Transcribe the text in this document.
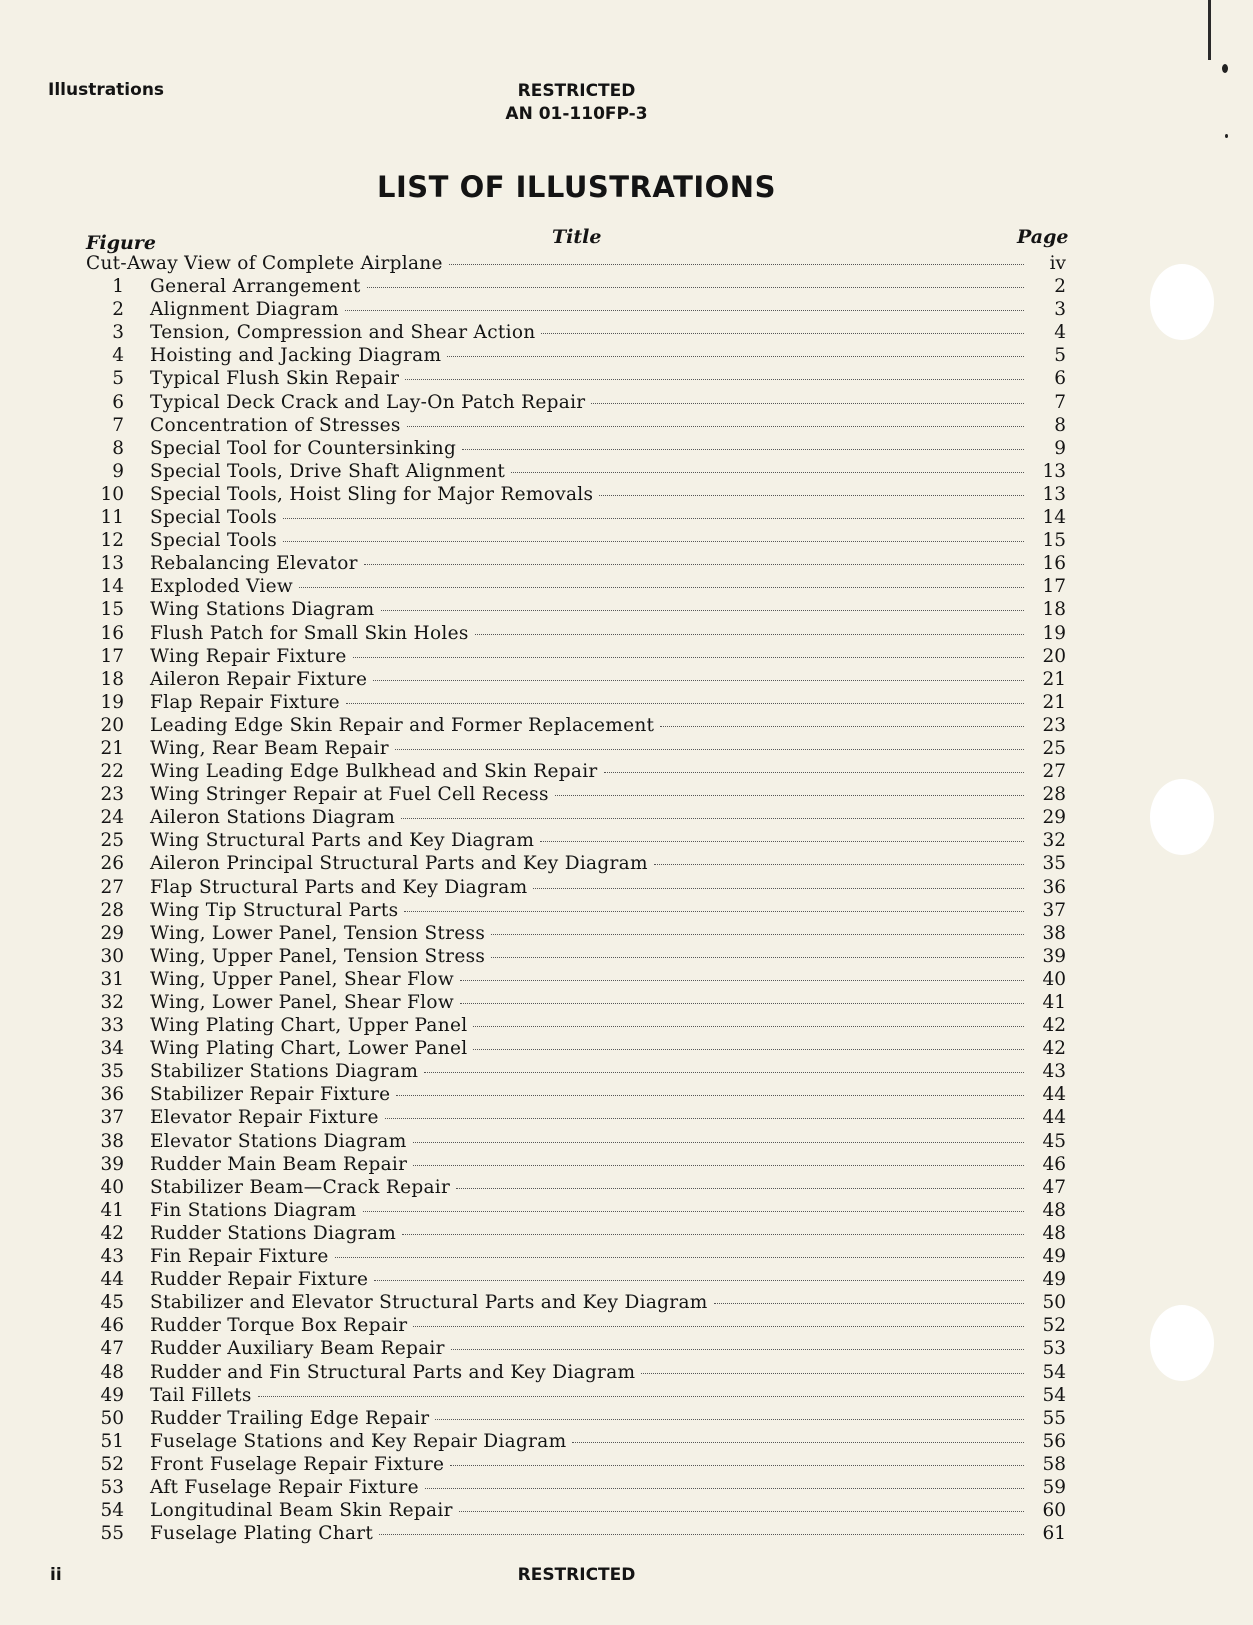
Illustrations	RESTRICTED
AN 01-110FP-3
LIST OF ILLUSTRATIONS
Figure	Title	Page
Cut-Away View of Complete Airplane	iv
1 General Arrangement	2
2 Alignment Diagram	3
3 Tension, Compression and Shear Action	4
4 Hoisting and Jacking Diagram	5
5 Typical Flush Skin Repair	6
6 Typical Deck Crack and Lay-On Patch Repair	7
7 Concentration of Stresses	8
8 Special Tool for Countersinking	9
9 Special Tools, Drive Shaft Alignment	13
10 Special Tools, Hoist Sling for Major Removals	13
11 Special Tools	14
12 Special Tools	15
13 Rebalancing Elevator	16
14 Exploded View	17
15 Wing Stations Diagram	18
16 Flush Patch for Small Skin Holes	19
17 Wing Repair Fixture	20
18 Aileron Repair Fixture	21
19 Flap Repair Fixture	21
20 Leading Edge Skin Repair and Former Replacement	23
21 Wing, Rear Beam Repair	25
22 Wing Leading Edge Bulkhead and Skin Repair	27
23 Wing Stringer Repair at Fuel Cell Recess	28
24 Aileron Stations Diagram	29
25 Wing Structural Parts and Key Diagram	32
26 Aileron Principal Structural Parts and Key Diagram	35
27 Flap Structural Parts and Key Diagram	36
28 Wing Tip Structural Parts	37
29 Wing, Lower Panel, Tension Stress	38
30 Wing, Upper Panel, Tension Stress	39
31 Wing, Upper Panel, Shear Flow	40
32 Wing, Lower Panel, Shear Flow	41
33 Wing Plating Chart, Upper Panel	42
34 Wing Plating Chart, Lower Panel	42
35 Stabilizer Stations Diagram	43
36 Stabilizer Repair Fixture	44
37 Elevator Repair Fixture	44
38 Elevator Stations Diagram	45
39 Rudder Main Beam Repair	46
40 Stabilizer Beam—Crack Repair	47
41 Fin Stations Diagram	48
42 Rudder Stations Diagram	48
43 Fin Repair Fixture	49
44 Rudder Repair Fixture	49
45 Stabilizer and Elevator Structural Parts and Key Diagram	50
46 Rudder Torque Box Repair	52
47 Rudder Auxiliary Beam Repair	53
48 Rudder and Fin Structural Parts and Key Diagram	54
49 Tail Fillets	54
50 Rudder Trailing Edge Repair	55
51 Fuselage Stations and Key Repair Diagram	56
52 Front Fuselage Repair Fixture	58
53 Aft Fuselage Repair Fixture	59
54 Longitudinal Beam Skin Repair	60
55 Fuselage Plating Chart	61
ii	RESTRICTED
